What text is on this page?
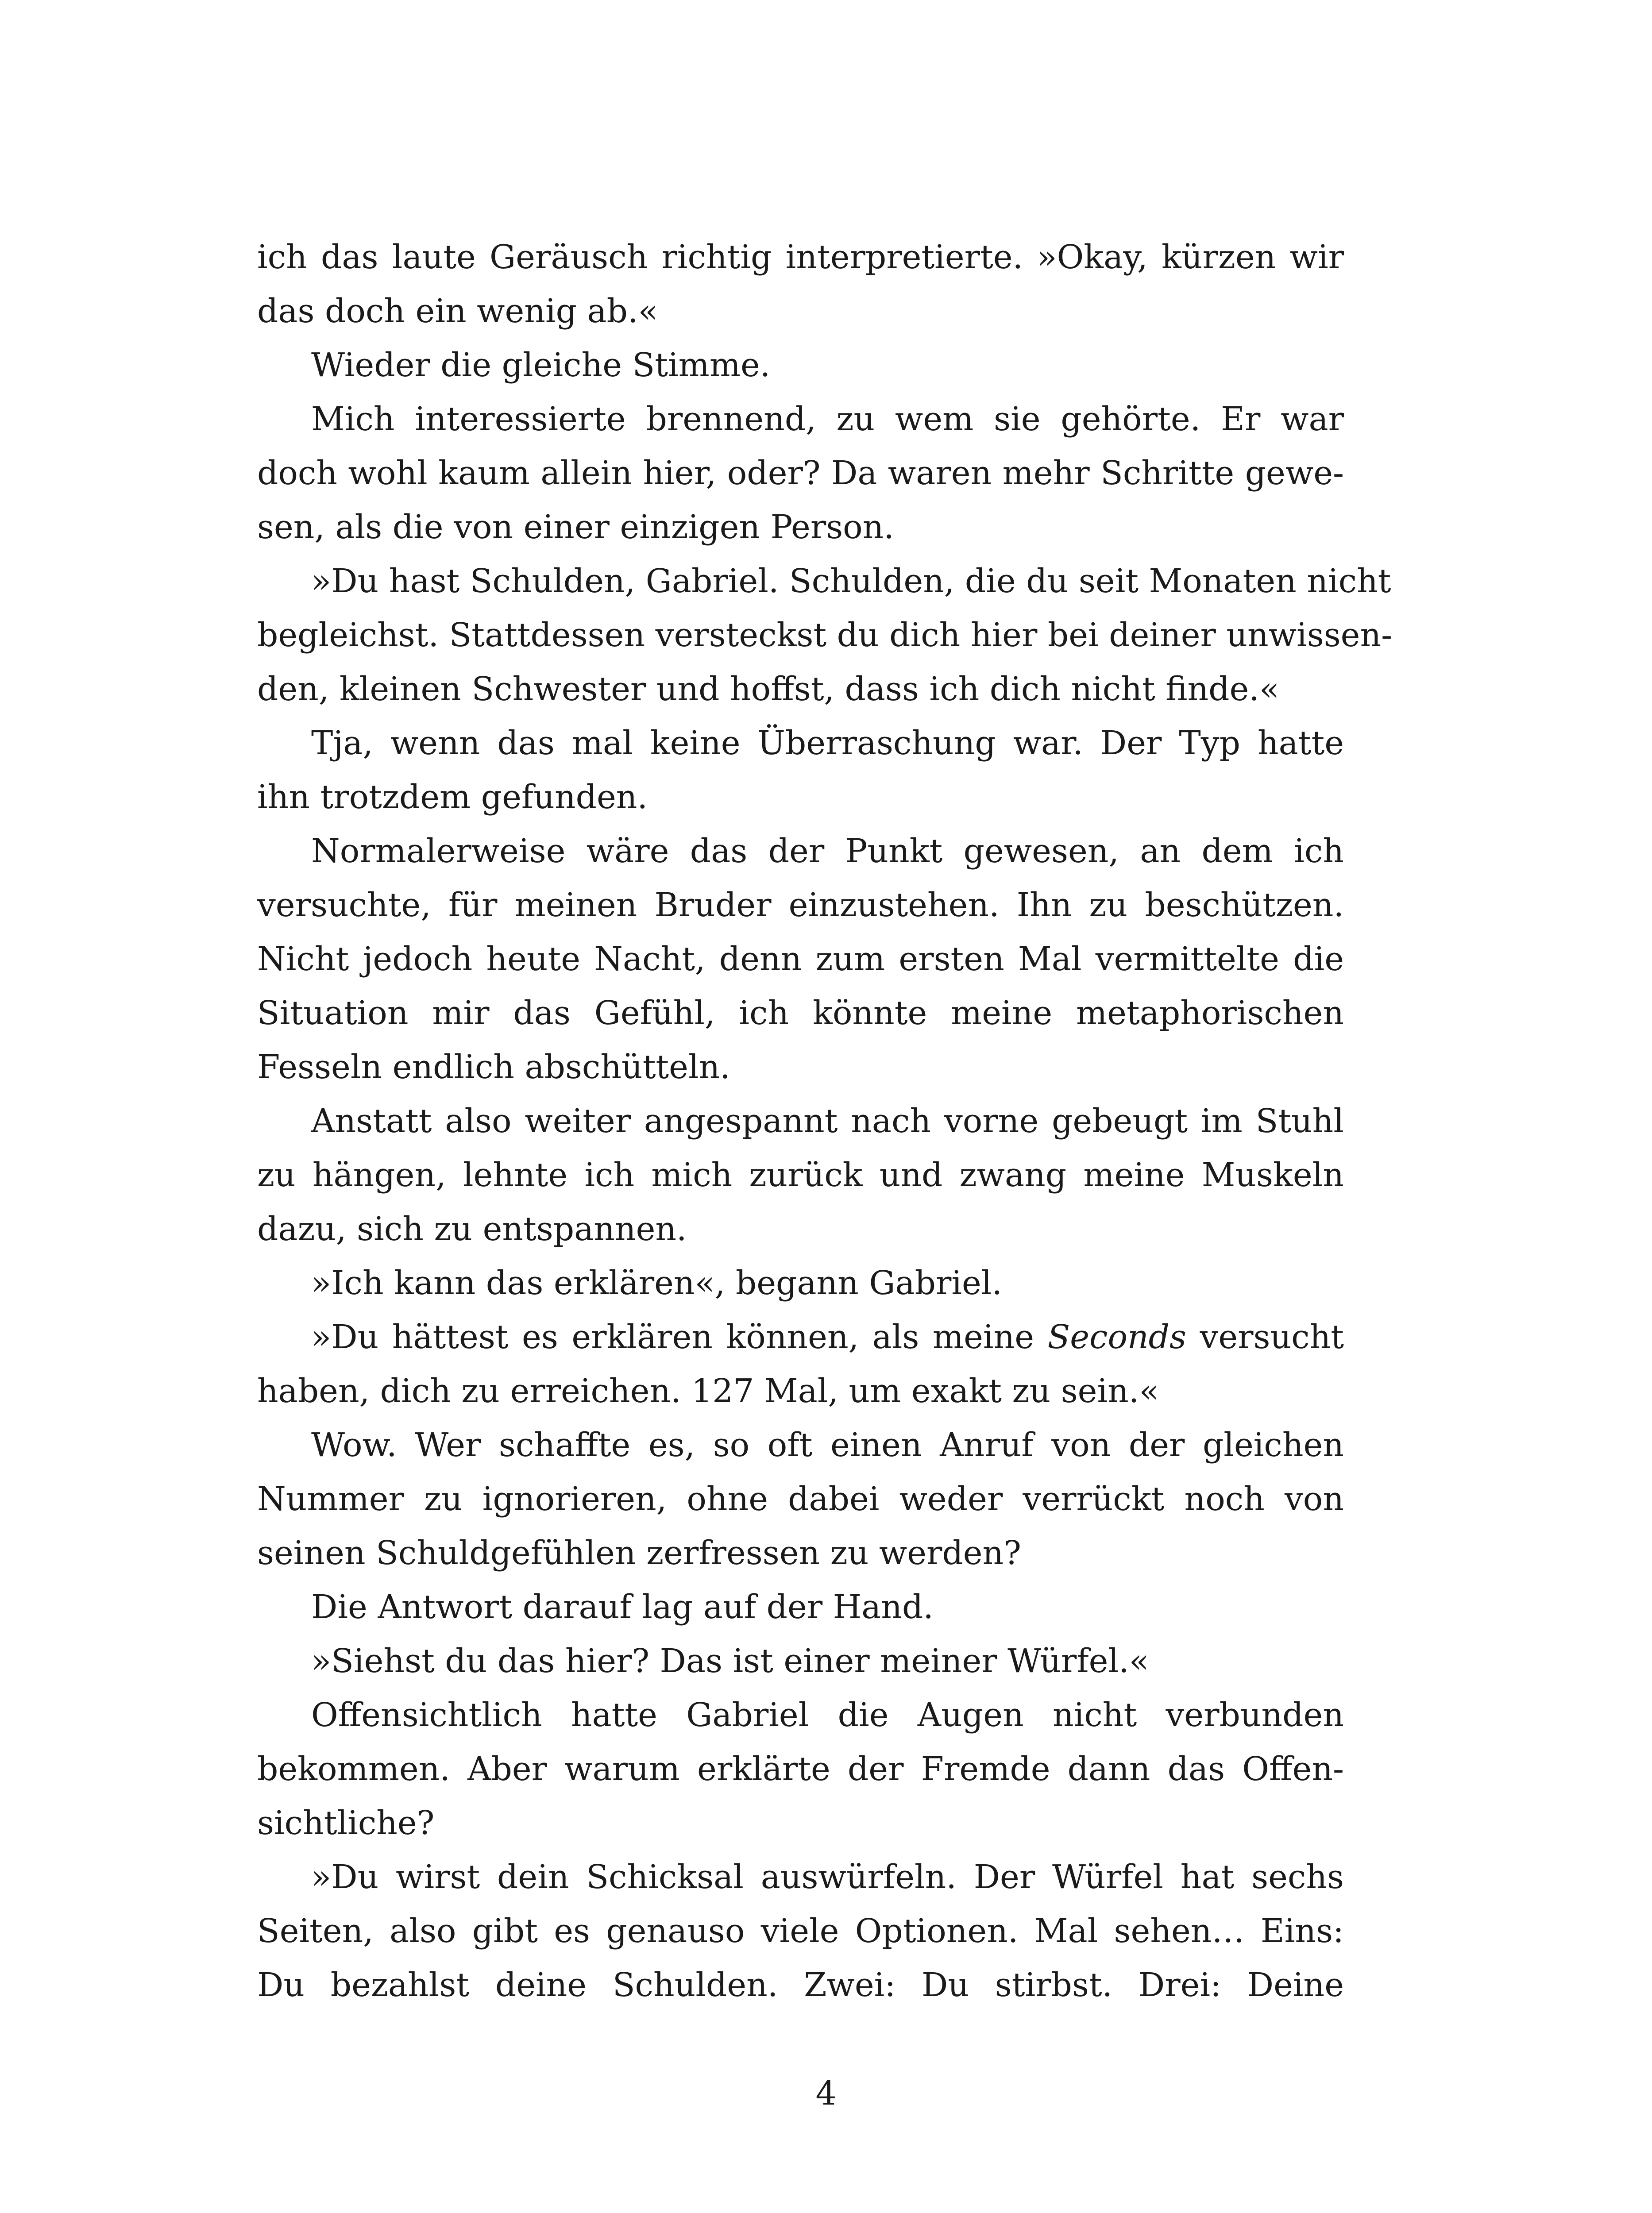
ich das laute Geräusch richtig interpretierte. »Okay, kürzen wir
das doch ein wenig ab.«
Wieder die gleiche Stimme.
Mich interessierte brennend, zu wem sie gehörte. Er war
doch wohl kaum allein hier, oder? Da waren mehr Schritte gewe-
sen, als die von einer einzigen Person.
»Du hast Schulden, Gabriel. Schulden, die du seit Monaten nicht
begleichst. Stattdessen versteckst du dich hier bei deiner unwissen-
den, kleinen Schwester und hoffst, dass ich dich nicht finde.«
Tja, wenn das mal keine Überraschung war. Der Typ hatte
ihn trotzdem gefunden.
Normalerweise wäre das der Punkt gewesen, an dem ich
versuchte, für meinen Bruder einzustehen. Ihn zu beschützen.
Nicht jedoch heute Nacht, denn zum ersten Mal vermittelte die
Situation mir das Gefühl, ich könnte meine metaphorischen
Fesseln endlich abschütteln.
Anstatt also weiter angespannt nach vorne gebeugt im Stuhl
zu hängen, lehnte ich mich zurück und zwang meine Muskeln
dazu, sich zu entspannen.
»Ich kann das erklären«, begann Gabriel.
»Du hättest es erklären können, als meine Seconds versucht
haben, dich zu erreichen. 127 Mal, um exakt zu sein.«
Wow. Wer schaffte es, so oft einen Anruf von der gleichen
Nummer zu ignorieren, ohne dabei weder verrückt noch von
seinen Schuldgefühlen zerfressen zu werden?
Die Antwort darauf lag auf der Hand.
»Siehst du das hier? Das ist einer meiner Würfel.«
Offensichtlich hatte Gabriel die Augen nicht verbunden
bekommen. Aber warum erklärte der Fremde dann das Offen-
sichtliche?
»Du wirst dein Schicksal auswürfeln. Der Würfel hat sechs
Seiten, also gibt es genauso viele Optionen. Mal sehen… Eins:
Du bezahlst deine Schulden. Zwei: Du stirbst. Drei: Deine
4
